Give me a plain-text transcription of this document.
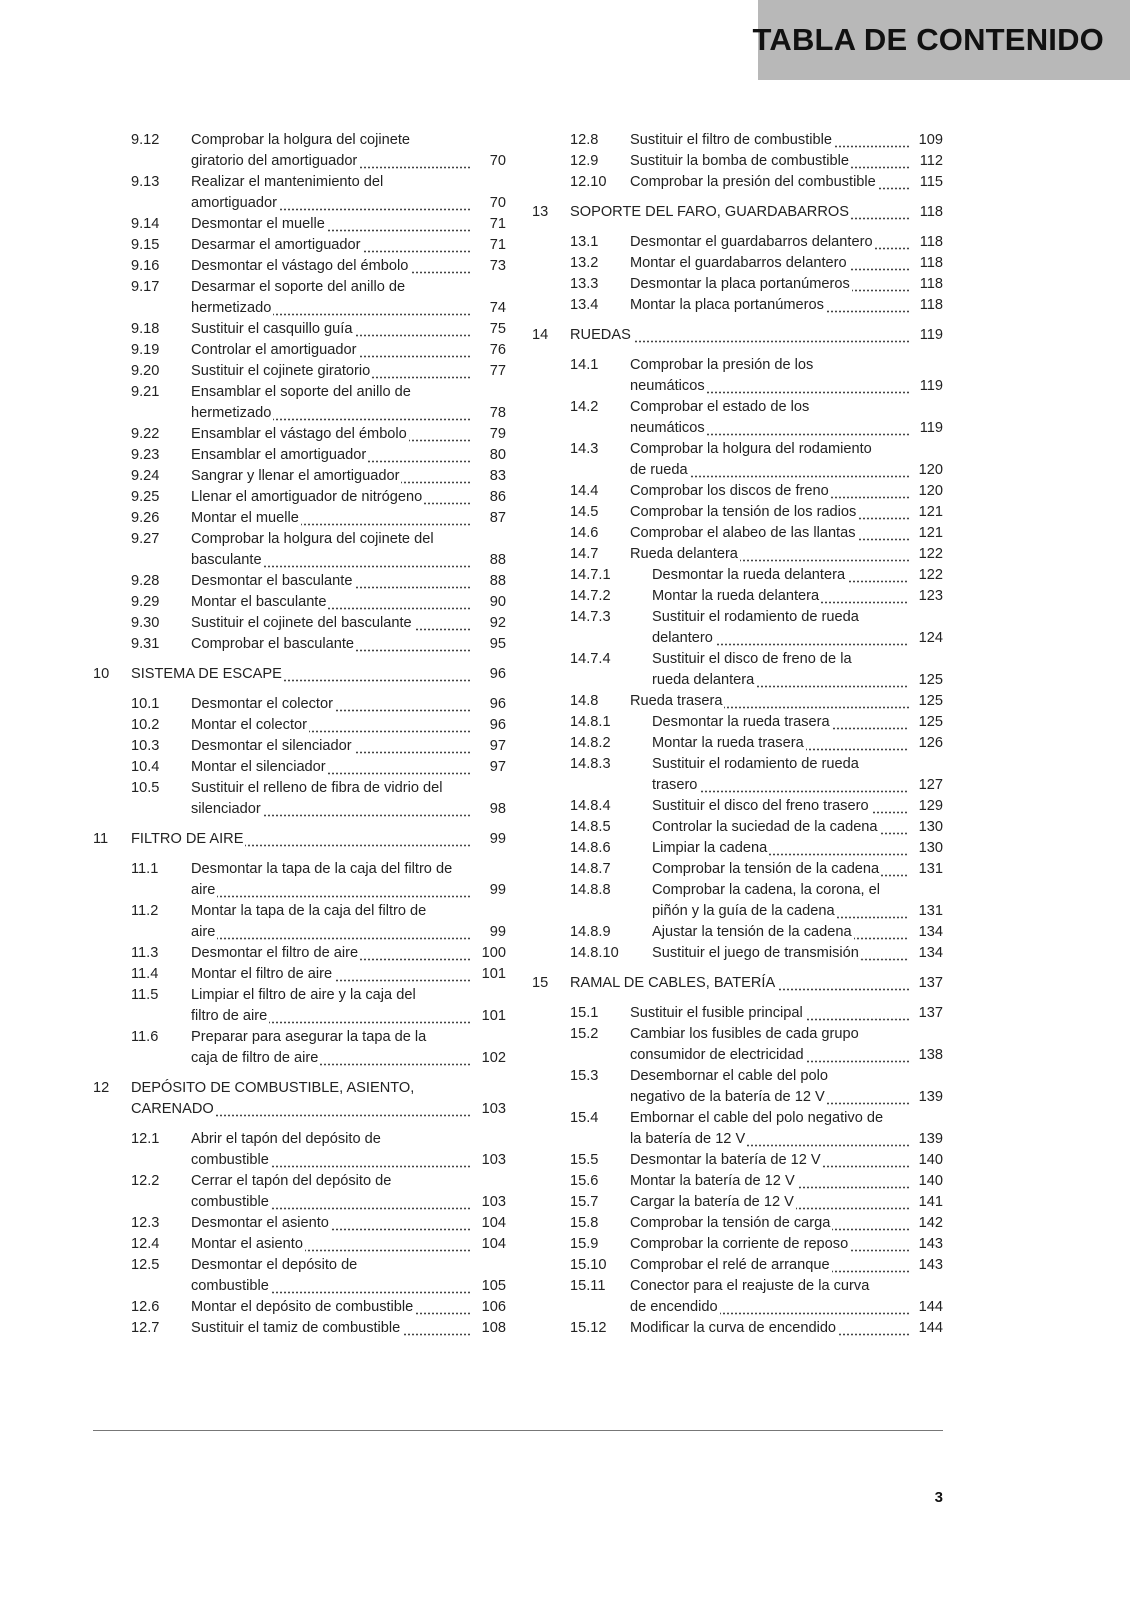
TABLA DE CONTENIDO
9.12 Comprobar la holgura del cojinete
giratorio del amortiguador	70
9.13 Realizar el mantenimiento del
amortiguador	70
9.14 Desmontar el muelle	71
9.15 Desarmar el amortiguador	71
9.16 Desmontar el vástago del émbolo	73
9.17 Desarmar el soporte del anillo de
hermetizado	74
9.18 Sustituir el casquillo guía	75
9.19 Controlar el amortiguador	76
9.20 Sustituir el cojinete giratorio	77
9.21 Ensamblar el soporte del anillo de
hermetizado	78
9.22 Ensamblar el vástago del émbolo	79
9.23 Ensamblar el amortiguador	80
9.24 Sangrar y llenar el amortiguador	83
9.25 Llenar el amortiguador de nitrógeno	86
9.26 Montar el muelle	87
9.27 Comprobar la holgura del cojinete del
basculante	88
9.28 Desmontar el basculante	88
9.29 Montar el basculante	90
9.30 Sustituir el cojinete del basculante	92
9.31 Comprobar el basculante	95
10 SISTEMA DE ESCAPE	96
10.1 Desmontar el colector	96
10.2 Montar el colector	96
10.3 Desmontar el silenciador	97
10.4 Montar el silenciador	97
10.5 Sustituir el relleno de fibra de vidrio del
silenciador	98
11 FILTRO DE AIRE	99
11.1 Desmontar la tapa de la caja del filtro de
aire	99
11.2 Montar la tapa de la caja del filtro de
aire	99
11.3 Desmontar el filtro de aire	100
11.4 Montar el filtro de aire	101
11.5 Limpiar el filtro de aire y la caja del
filtro de aire	101
11.6 Preparar para asegurar la tapa de la
caja de filtro de aire	102
12 DEPÓSITO DE COMBUSTIBLE, ASIENTO,
CARENADO	103
12.1 Abrir el tapón del depósito de
combustible	103
12.2 Cerrar el tapón del depósito de
combustible	103
12.3 Desmontar el asiento	104
12.4 Montar el asiento	104
12.5 Desmontar el depósito de
combustible	105
12.6 Montar el depósito de combustible	106
12.7 Sustituir el tamiz de combustible	108
12.8 Sustituir el filtro de combustible	109
12.9 Sustituir la bomba de combustible	112
12.10 Comprobar la presión del combustible	115
13 SOPORTE DEL FARO, GUARDABARROS	118
13.1 Desmontar el guardabarros delantero	118
13.2 Montar el guardabarros delantero	118
13.3 Desmontar la placa portanúmeros	118
13.4 Montar la placa portanúmeros	118
14 RUEDAS	119
14.1 Comprobar la presión de los
neumáticos	119
14.2 Comprobar el estado de los
neumáticos	119
14.3 Comprobar la holgura del rodamiento
de rueda	120
14.4 Comprobar los discos de freno	120
14.5 Comprobar la tensión de los radios	121
14.6 Comprobar el alabeo de las llantas	121
14.7 Rueda delantera	122
14.7.1	Desmontar la rueda delantera	122
14.7.2	Montar la rueda delantera	123
14.7.3	Sustituir el rodamiento de rueda
delantero	124
14.7.4	Sustituir el disco de freno de la
rueda delantera	125
14.8 Rueda trasera	125
14.8.1	Desmontar la rueda trasera	125
14.8.2	Montar la rueda trasera	126
14.8.3	Sustituir el rodamiento de rueda
trasero	127
14.8.4	Sustituir el disco del freno trasero	129
14.8.5	Controlar la suciedad de la cadena	130
14.8.6	Limpiar la cadena	130
14.8.7	Comprobar la tensión de la cadena	131
14.8.8	Comprobar la cadena, la corona, el
piñón y la guía de la cadena	131
14.8.9	Ajustar la tensión de la cadena	134
14.8.10 Sustituir el juego de transmisión	134
15 RAMAL DE CABLES, BATERÍA	137
15.1 Sustituir el fusible principal	137
15.2 Cambiar los fusibles de cada grupo
consumidor de electricidad	138
15.3 Desembornar el cable del polo
negativo de la batería de 12 V	139
15.4 Embornar el cable del polo negativo de
la batería de 12 V	139
15.5 Desmontar la batería de 12 V	140
15.6 Montar la batería de 12 V	140
15.7 Cargar la batería de 12 V	141
15.8 Comprobar la tensión de carga	142
15.9 Comprobar la corriente de reposo	143
15.10 Comprobar el relé de arranque	143
15.11 Conector para el reajuste de la curva
de encendido	144
15.12 Modificar la curva de encendido	144
3
